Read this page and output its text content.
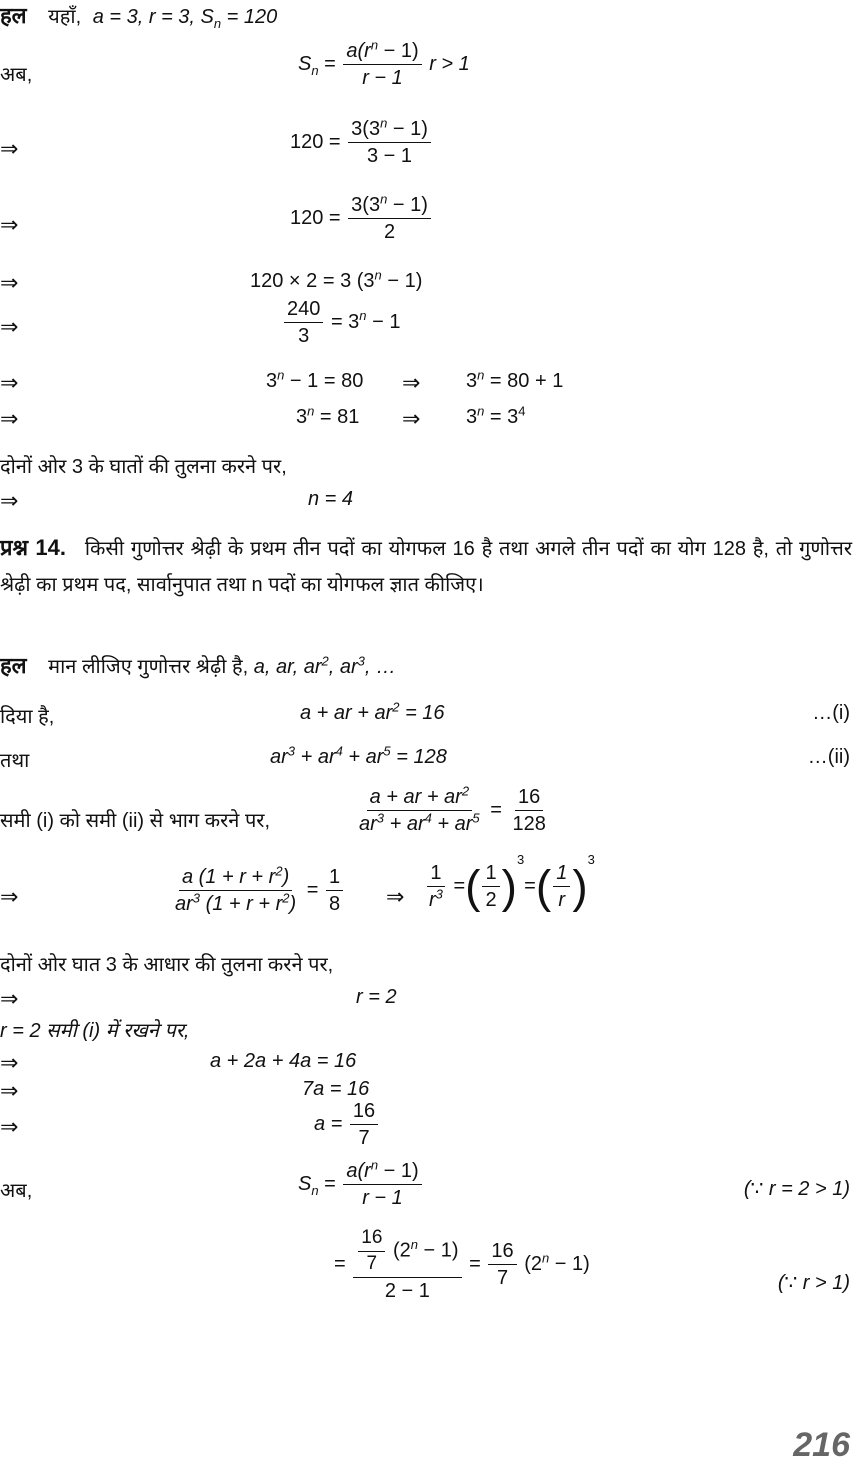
हल यहाँ, a = 3, r = 3, $S_n = 120$
अब,
$S_n = \frac{a(r^n - 1)}{r - 1}$ r > 1
⇒	$120 = \frac{3(3^n - 1)}{3 - 1}$
⇒	$120 = \frac{3(3^n - 1)}{2}$
⇒	120 × 2 = 3 $(3^n - 1)$
⇒	$\frac{240}{3} = 3^n - 1$
⇒	$3^n - 1 = 80$ ⇒ $3^n = 80 + 1$
⇒	$3^n = 81$ ⇒ $3^n = 3^4$
दोनों ओर 3 के घातों की तुलना करने पर,
⇒	n = 4
प्रश्न 14. किसी गुणोत्तर श्रेढ़ी के प्रथम तीन पदों का योगफल 16 है तथा अगले तीन पदों का योग 128 है, तो गुणोत्तर श्रेढ़ी का प्रथम पद, सार्वानुपात तथा n पदों का योगफल ज्ञात कीजिए।
हल मान लीजिए गुणोत्तर श्रेढ़ी है, a, ar, $ar^2$, $ar^3$, …
दिया है,	a + ar + $ar^2 = 16$	…(i)
तथा	$ar^3 + ar^4 + ar^5 = 128$	…(ii)
समी (i) को समी (ii) से भाग करने पर,	$\frac{a + ar + ar^2}{ar^3 + ar^4 + ar^5} = \frac{16}{128}$
⇒	$\frac{a (1 + r + r^2)}{ar^3 (1 + r + r^2)} = \frac{1}{8}$ ⇒ $\frac{1}{r^3}$ =( $\frac{1}{2} )^3=( \frac{1}{r} )^3$
दोनों ओर घात 3 के आधार की तुलना करने पर,
⇒	r = 2
r = 2 समी (i) में रखने पर,
⇒	a + 2a + 4a = 16
⇒	7a = 16
⇒	$a = \frac{16}{7}$
अब,	$S_n = \frac{a(r^n - 1)}{r - 1}$	(∵ r = 2 > 1)
= $\frac{\frac{16}{7} (2^n - 1)}{2 - 1} = \frac{16}{7} (2^n - 1)$
(∵ r > 1)
216
